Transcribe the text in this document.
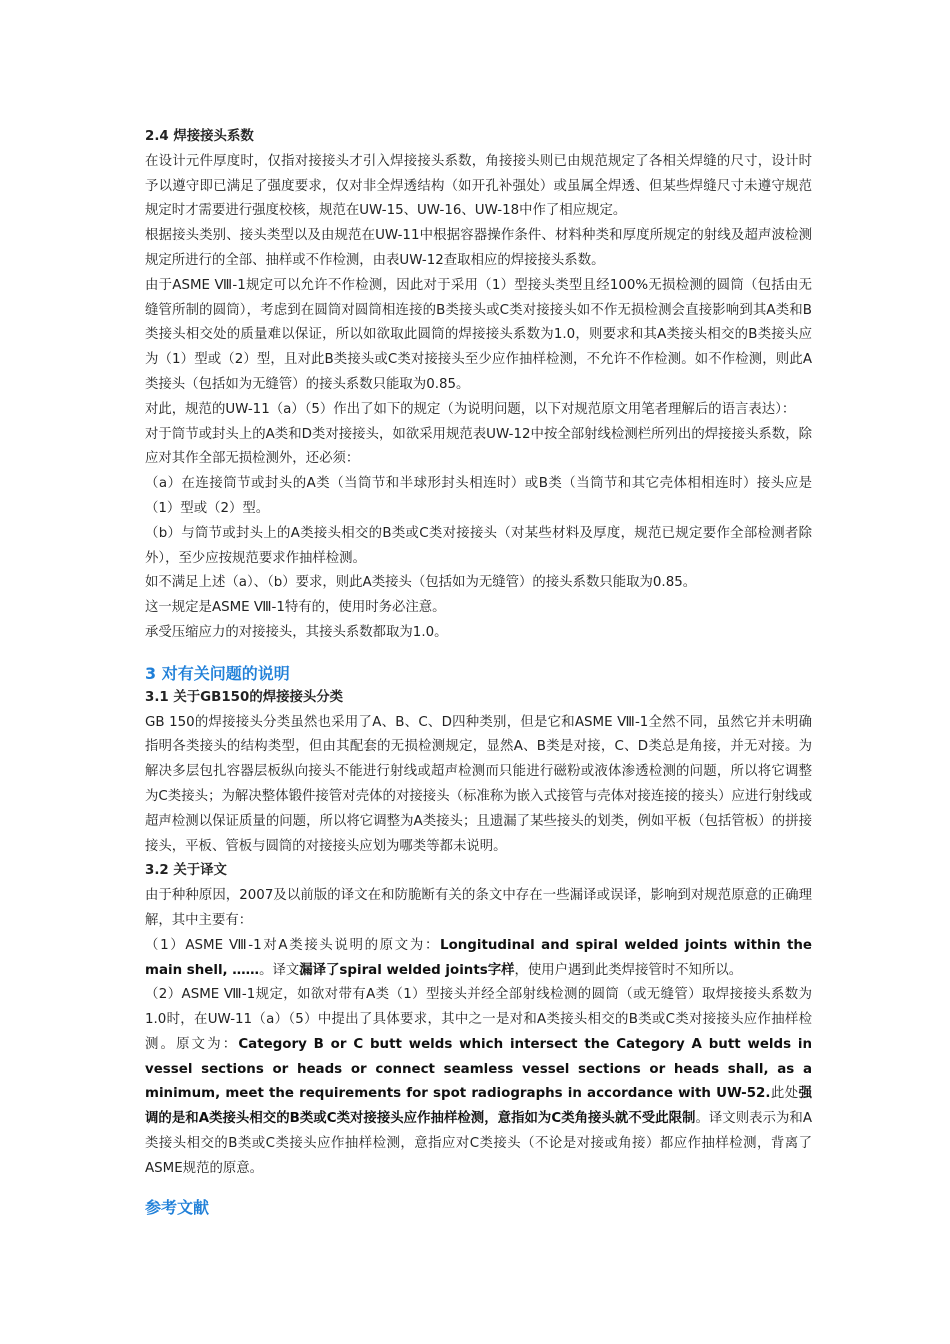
2.4 焊接接头系数

在设计元件厚度时，仅指对接接头才引入焊接接头系数，角接接头则已由规范规定了各相关焊缝的尺寸，设计时予以遵守即已满足了强度要求，仅对非全焊透结构（如开孔补强处）或虽属全焊透、但某些焊缝尺寸未遵守规范规定时才需要进行强度校核，规范在UW-15、UW-16、UW-18中作了相应规定。

根据接头类别、接头类型以及由规范在UW-11中根据容器操作条件、材料种类和厚度所规定的射线及超声波检测规定所进行的全部、抽样或不作检测，由表UW-12查取相应的焊接接头系数。

由于ASME Ⅷ-1规定可以允许不作检测，因此对于采用（1）型接头类型且经100%无损检测的圆筒（包括由无缝管所制的圆筒），考虑到在圆筒对圆筒相连接的B类接头或C类对接接头如不作无损检测会直接影响到其A类和B类接头相交处的质量难以保证，所以如欲取此圆筒的焊接接头系数为1.0，则要求和其A类接头相交的B类接头应为（1）型或（2）型，且对此B类接头或C类对接接头至少应作抽样检测，不允许不作检测。如不作检测，则此A类接头（包括如为无缝管）的接头系数只能取为0.85。

对此，规范的UW-11（a）（5）作出了如下的规定（为说明问题，以下对规范原文用笔者理解后的语言表达）：

对于筒节或封头上的A类和D类对接接头，如欲采用规范表UW-12中按全部射线检测栏所列出的焊接接头系数，除应对其作全部无损检测外，还必须：

（a）在连接筒节或封头的A类（当筒节和半球形封头相连时）或B类（当筒节和其它壳体相相连时）接头应是（1）型或（2）型。

（b）与筒节或封头上的A类接头相交的B类或C类对接接头（对某些材料及厚度，规范已规定要作全部检测者除外），至少应按规范要求作抽样检测。

如不满足上述（a）、（b）要求，则此A类接头（包括如为无缝管）的接头系数只能取为0.85。

这一规定是ASME Ⅷ-1特有的，使用时务必注意。

承受压缩应力的对接接头，其接头系数都取为1.0。

3 对有关问题的说明

3.1 关于GB150的焊接接头分类

GB 150的焊接接头分类虽然也采用了A、B、C、D四种类别，但是它和ASME Ⅷ-1全然不同，虽然它并未明确指明各类接头的结构类型，但由其配套的无损检测规定，显然A、B类是对接，C、D类总是角接，并无对接。为解决多层包扎容器层板纵向接头不能进行射线或超声检测而只能进行磁粉或液体渗透检测的问题，所以将它调整为C类接头；为解决整体锻件接管对壳体的对接接头（标准称为嵌入式接管与壳体对接连接的接头）应进行射线或超声检测以保证质量的问题，所以将它调整为A类接头；且遗漏了某些接头的划类，例如平板（包括管板）的拼接接头，平板、管板与圆筒的对接接头应划为哪类等都未说明。

3.2 关于译文

由于种种原因，2007及以前版的译文在和防脆断有关的条文中存在一些漏译或误译，影响到对规范原意的正确理解，其中主要有：

（1）ASME Ⅷ-1对A类接头说明的原文为：Longitudinal and spiral welded joints within the main shell, ……。译文漏译了spiral welded joints字样，使用户遇到此类焊接管时不知所以。

（2）ASME Ⅷ-1规定，如欲对带有A类（1）型接头并经全部射线检测的圆筒（或无缝管）取焊接接头系数为1.0时，在UW-11（a）（5）中提出了具体要求，其中之一是对和A类接头相交的B类或C类对接接头应作抽样检测。原文为：Category B or C butt welds which intersect the Category A butt welds in vessel sections or heads or connect seamless vessel sections or heads shall, as a minimum, meet the requirements for spot radiographs in accordance with UW-52.此处强调的是和A类接头相交的B类或C类对接接头应作抽样检测，意指如为C类角接头就不受此限制。译文则表示为和A类接头相交的B类或C类接头应作抽样检测，意指应对C类接头（不论是对接或角接）都应作抽样检测，背离了ASME规范的原意。

参考文献
